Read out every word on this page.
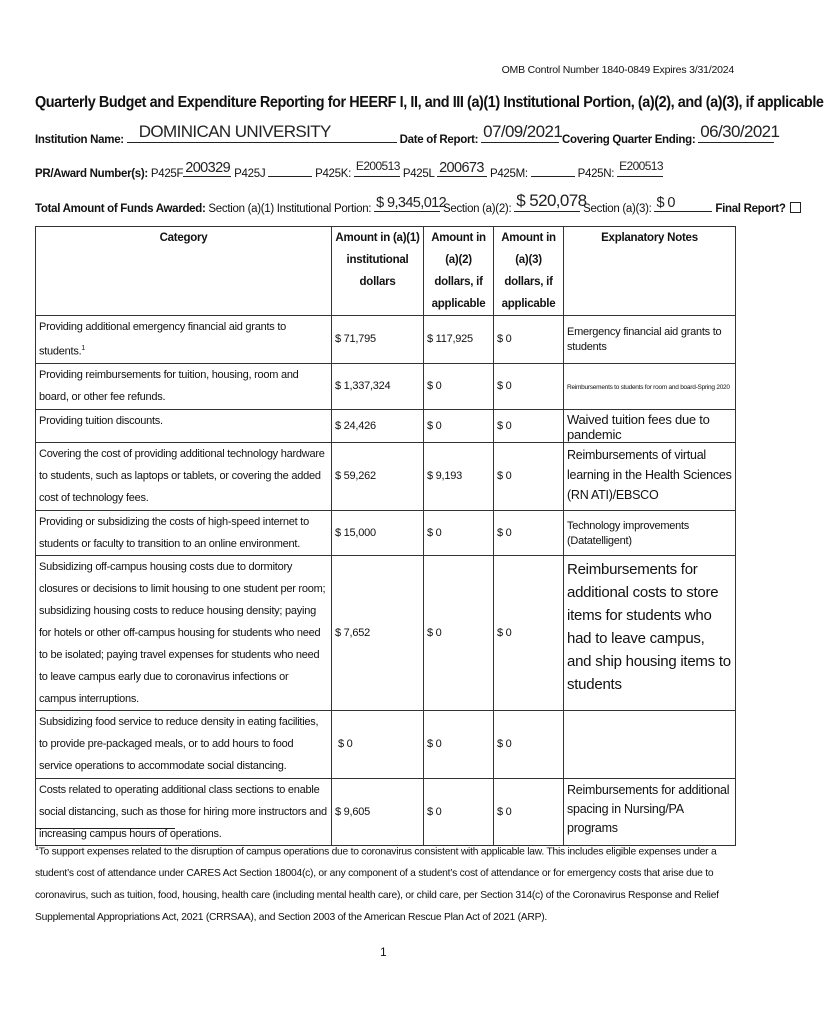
OMB Control Number 1840-0849 Expires 3/31/2024
Quarterly Budget and Expenditure Reporting for HEERF I, II, and III (a)(1) Institutional Portion, (a)(2), and (a)(3), if applicable
Institution Name: DOMINICAN UNIVERSITY	Date of Report: 07/09/2021 Covering Quarter Ending: 06/30/2021
PR/Award Number(s): P425F 200329 P425J	P425K:
E200513
P425L 200673 P425M:	P425N:
E200513
Total Amount of Funds Awarded: Section (a)(1) Institutional Portion: $ 9,345,012
Section (a)(2): $ 520,078
Section (a)(3): $ 0	Final Report?
Category	Amount in (a)(1) institutional dollars	Amount in (a)(2) dollars, if applicable	Amount in (a)(3) dollars, if applicable	Explanatory Notes
Providing additional emergency financial aid grants to students.$^1$	$ 71,795	$ 117,925	$ 0	Emergency financial aid grants to students
Providing reimbursements for tuition, housing, room and board, or other fee refunds.	$ 1,337,324	$ 0	$ 0	Reimbursements to students for room and board-Spring 2020
Providing tuition discounts.	$ 24,426	$ 0	$ 0	Waived tuition fees due to pandemic
Covering the cost of providing additional technology hardware to students, such as laptops or tablets, or covering the added cost of technology fees.	$ 59,262	$ 9,193	$ 0	Reimbursements of virtual learning in the Health Sciences (RN ATI)/EBSCO
Providing or subsidizing the costs of high-speed internet to students or faculty to transition to an online environment.	$ 15,000	$ 0	$ 0	Technology improvements (Datatelligent)
Subsidizing off-campus housing costs due to dormitory closures or decisions to limit housing to one student per room; subsidizing housing costs to reduce housing density; paying for hotels or other off-campus housing for students who need to be isolated; paying travel expenses for students who need to leave campus early due to coronavirus infections or campus interruptions.	$ 7,652	$ 0	$ 0	Reimbursements for additional costs to store items for students who had to leave campus, and ship housing items to students
Subsidizing food service to reduce density in eating facilities, to provide pre-packaged meals, or to add hours to food service operations to accommodate social distancing.	$ 0	$ 0	$ 0	
Costs related to operating additional class sections to enable social distancing, such as those for hiring more instructors and increasing campus hours of operations.	$ 9,605	$ 0	$ 0	Reimbursements for additional spacing in Nursing/PA programs
$^1$To support expenses related to the disruption of campus operations due to coronavirus consistent with applicable law. This includes eligible expenses under a student’s cost of attendance under CARES Act Section 18004(c), or any component of a student’s cost of attendance or for emergency costs that arise due to coronavirus, such as tuition, food, housing, health care (including mental health care), or child care, per Section 314(c) of the Coronavirus Response and Relief Supplemental Appropriations Act, 2021 (CRRSAA), and Section 2003 of the American Rescue Plan Act of 2021 (ARP).
1
